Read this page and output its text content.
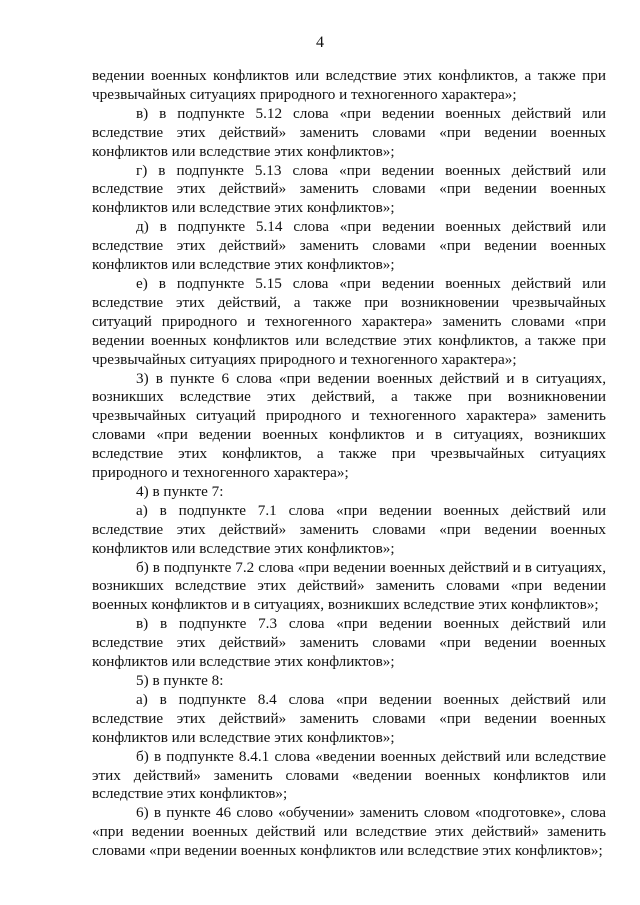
4

ведении военных конфликтов или вследствие этих конфликтов, а также при чрезвычайных ситуациях природного и техногенного характера»;

в) в подпункте 5.12 слова «при ведении военных действий или вследствие этих действий» заменить словами «при ведении военных конфликтов или вследствие этих конфликтов»;

г) в подпункте 5.13 слова «при ведении военных действий или вследствие этих действий» заменить словами «при ведении военных конфликтов или вследствие этих конфликтов»;

д) в подпункте 5.14 слова «при ведении военных действий или вследствие этих действий» заменить словами «при ведении военных конфликтов или вследствие этих конфликтов»;

е) в подпункте 5.15 слова «при ведении военных действий или вследствие этих действий, а также при возникновении чрезвычайных ситуаций природного и техногенного характера» заменить словами «при ведении военных конфликтов или вследствие этих конфликтов, а также при чрезвычайных ситуациях природного и техногенного характера»;

3) в пункте 6 слова «при ведении военных действий и в ситуациях, возникших вследствие этих действий, а также при возникновении чрезвычайных ситуаций природного и техногенного характера» заменить словами «при ведении военных конфликтов и в ситуациях, возникших вследствие этих конфликтов, а также при чрезвычайных ситуациях природного и техногенного характера»;

4) в пункте 7:

а) в подпункте 7.1 слова «при ведении военных действий или вследствие этих действий» заменить словами «при ведении военных конфликтов или вследствие этих конфликтов»;

б) в подпункте 7.2 слова «при ведении военных действий и в ситуациях, возникших вследствие этих действий» заменить словами «при ведении военных конфликтов и в ситуациях, возникших вследствие этих конфликтов»;

в) в подпункте 7.3 слова «при ведении военных действий или вследствие этих действий» заменить словами «при ведении военных конфликтов или вследствие этих конфликтов»;

5) в пункте 8:

а) в подпункте 8.4 слова «при ведении военных действий или вследствие этих действий» заменить словами «при ведении военных конфликтов или вследствие этих конфликтов»;

б) в подпункте 8.4.1 слова «ведении военных действий или вследствие этих действий» заменить словами «ведении военных конфликтов или вследствие этих конфликтов»;

6) в пункте 46 слово «обучении» заменить словом «подготовке», слова «при ведении военных действий или вследствие этих действий» заменить словами «при ведении военных конфликтов или вследствие этих конфликтов»;
